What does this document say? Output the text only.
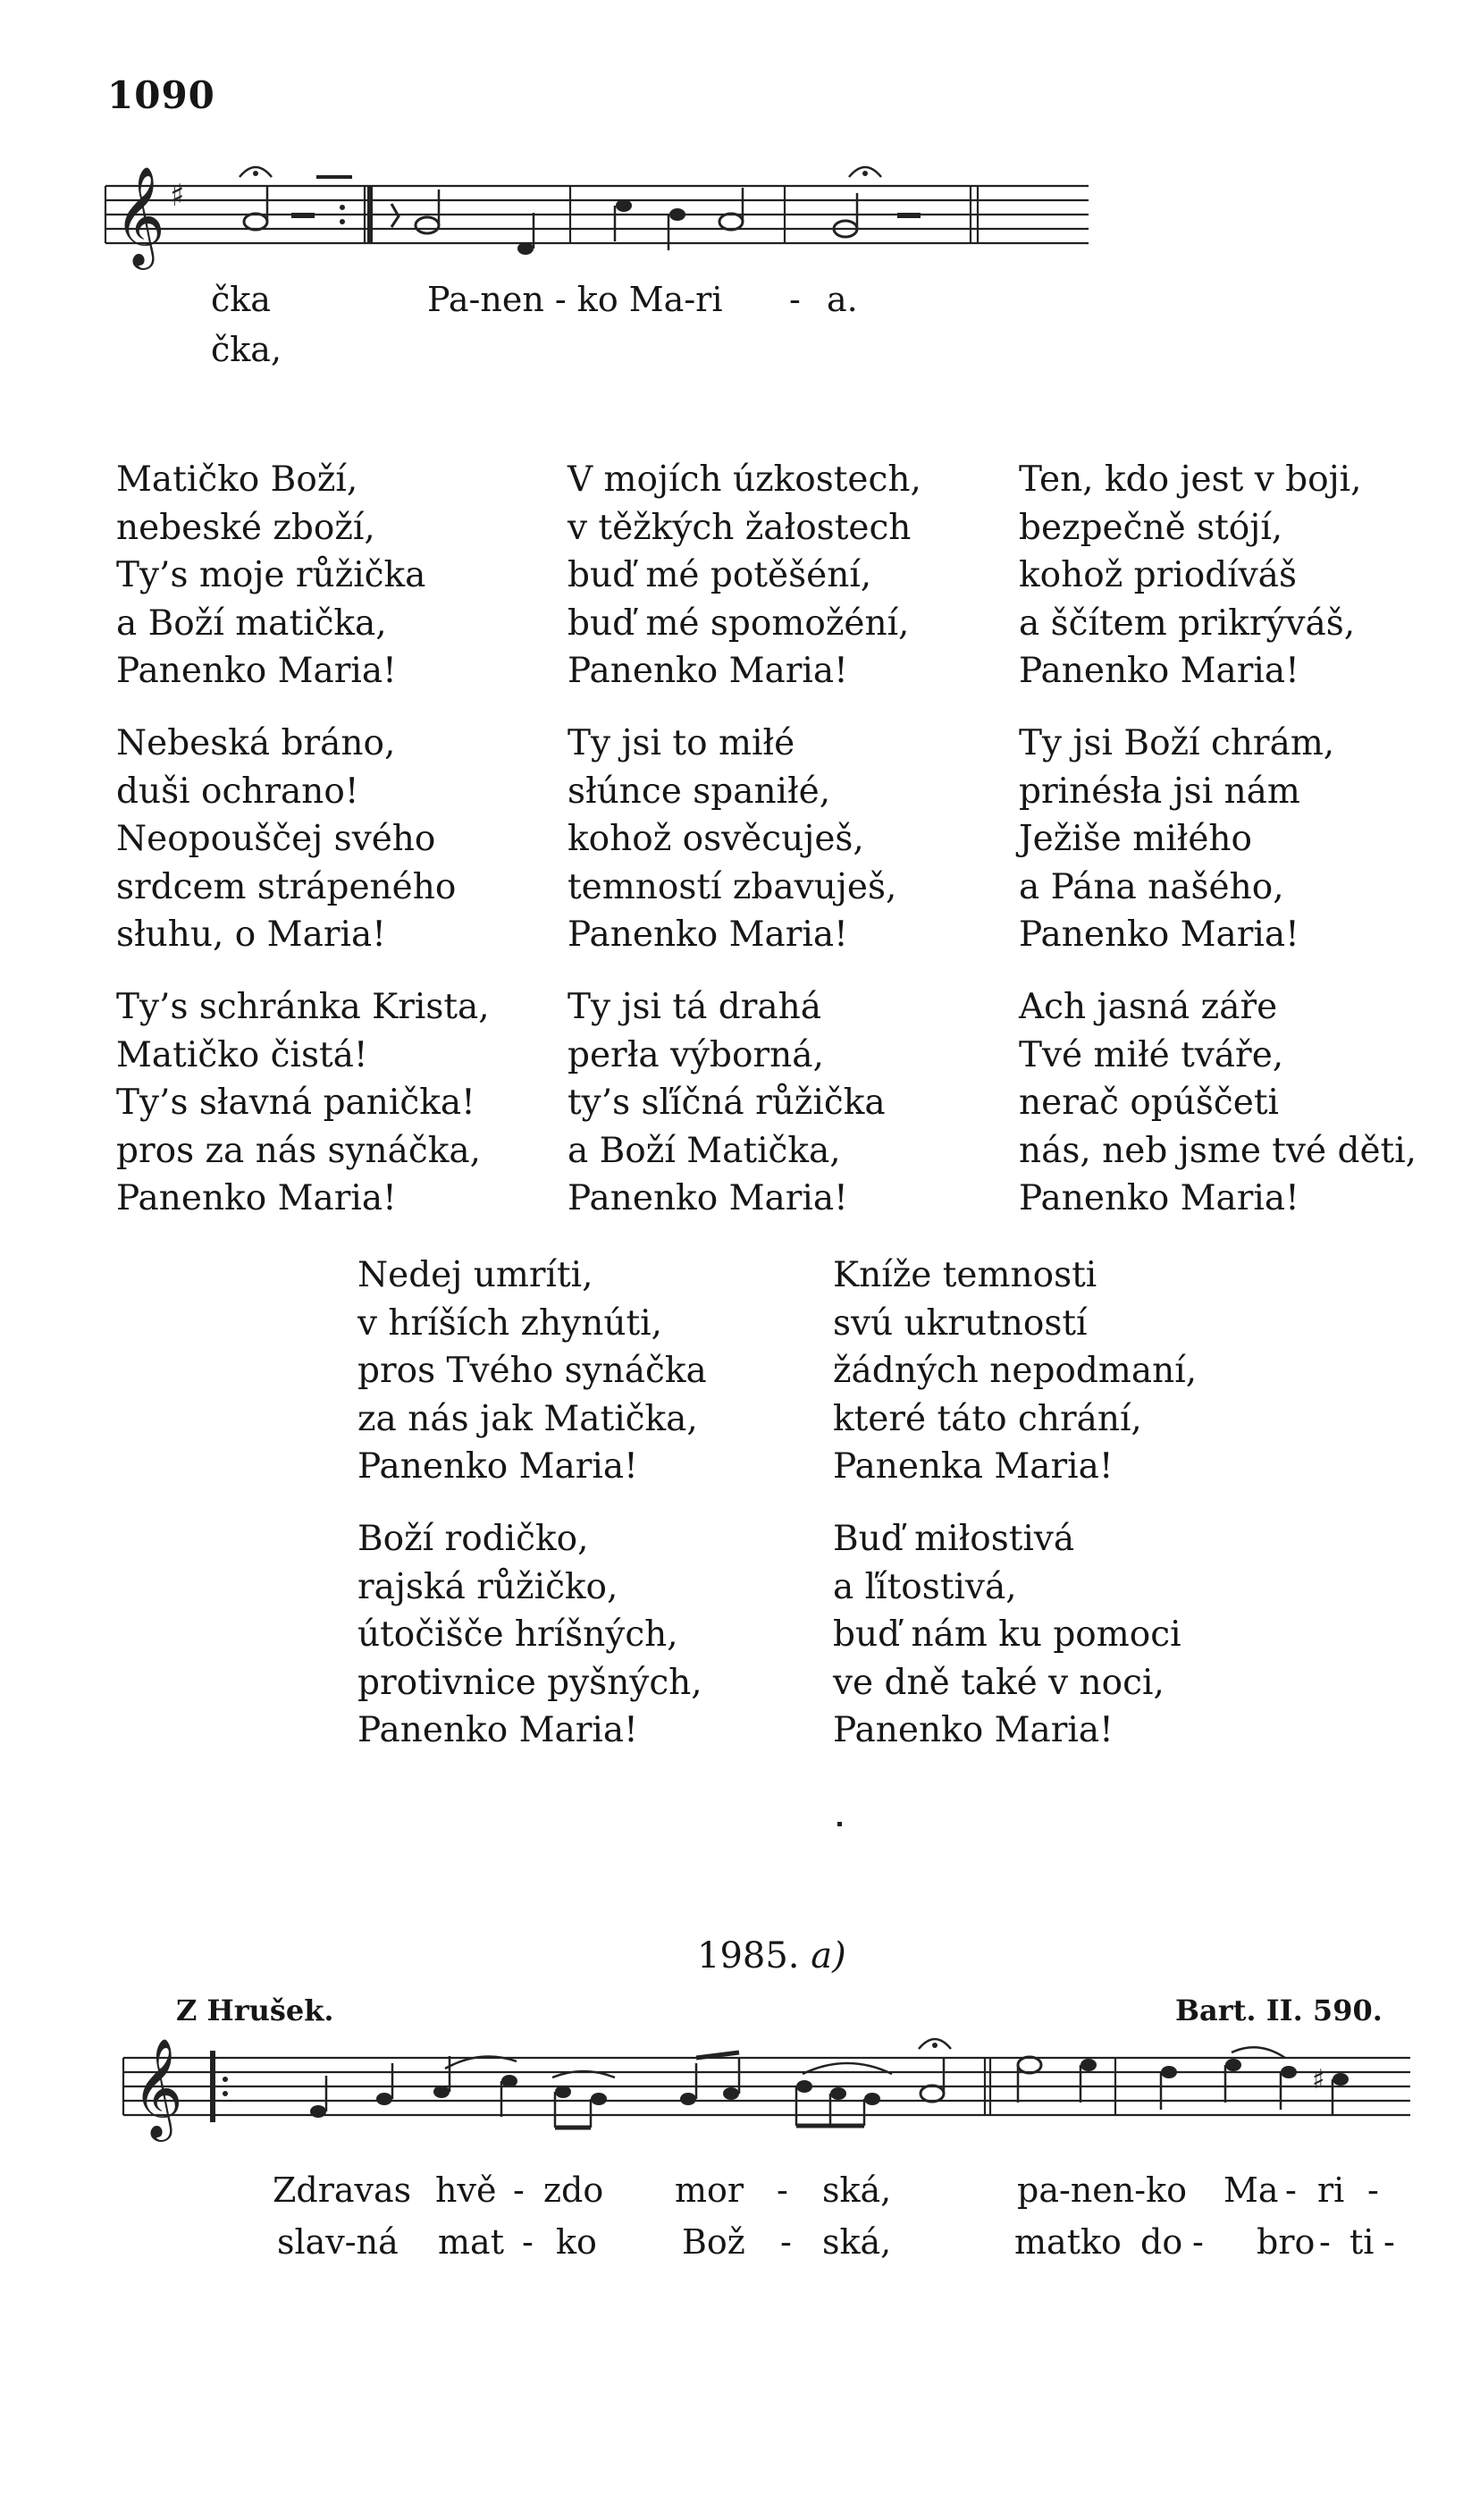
1090
𝄞 ♯
čka	Pa-nen - ko Ma-ri - a.
čka,
Matičko Boží,
nebeské zboží,
Ty’s moje růžička
a Boží matička,
Panenko Maria!
V mojích úzkostech,
v těžkých žałostech
buď mé potěšéní,
buď mé spomožéní,
Panenko Maria!
Ten, kdo jest v boji,
bezpečně stójí,
kohož priodíváš
a ščítem prikrýváš,
Panenko Maria!
Nebeská bráno,
duši ochrano!
Neopouščej svého
srdcem strápeného
słuhu, o Maria!
Ty jsi to miłé
słúnce spaniłé,
kohož osvěcuješ,
temností zbavuješ,
Panenko Maria!
Ty jsi Boží chrám,
prinésła jsi nám
Ježiše miłého
a Pána našého,
Panenko Maria!
Ty’s schránka Krista,
Matičko čistá!
Ty’s słavná panička!
pros za nás synáčka,
Panenko Maria!
Ty jsi tá drahá
perła výborná,
ty’s sľíčná růžička
a Boží Matička,
Panenko Maria!
Ach jasná záře
Tvé miłé tváře,
nerač opúščeti
nás, neb jsme tvé děti,
Panenko Maria!
Nedej umríti,
v hríších zhynúti,
pros Tvého synáčka
za nás jak Matička,
Panenko Maria!
Kníže temnosti
svú ukrutností
žádných nepodmaní,
které táto chrání,
Panenka Maria!
Boží rodičko,
rajská růžičko,
útočišče hríšných,
protivnice pyšných,
Panenko Maria!
Buď miłostivá
a ľítostivá,
buď nám ku pomoci
ve dně také v noci,
Panenko Maria!
1985. a)
Z Hrušek.	Bart. II. 590.
𝄞	♯
Zdravas hvě - zdo mor - ská,	pa-nen-ko Ma - ri -
slav-ná mat - ko	Bož - ská,	matko do - bro - ti -
